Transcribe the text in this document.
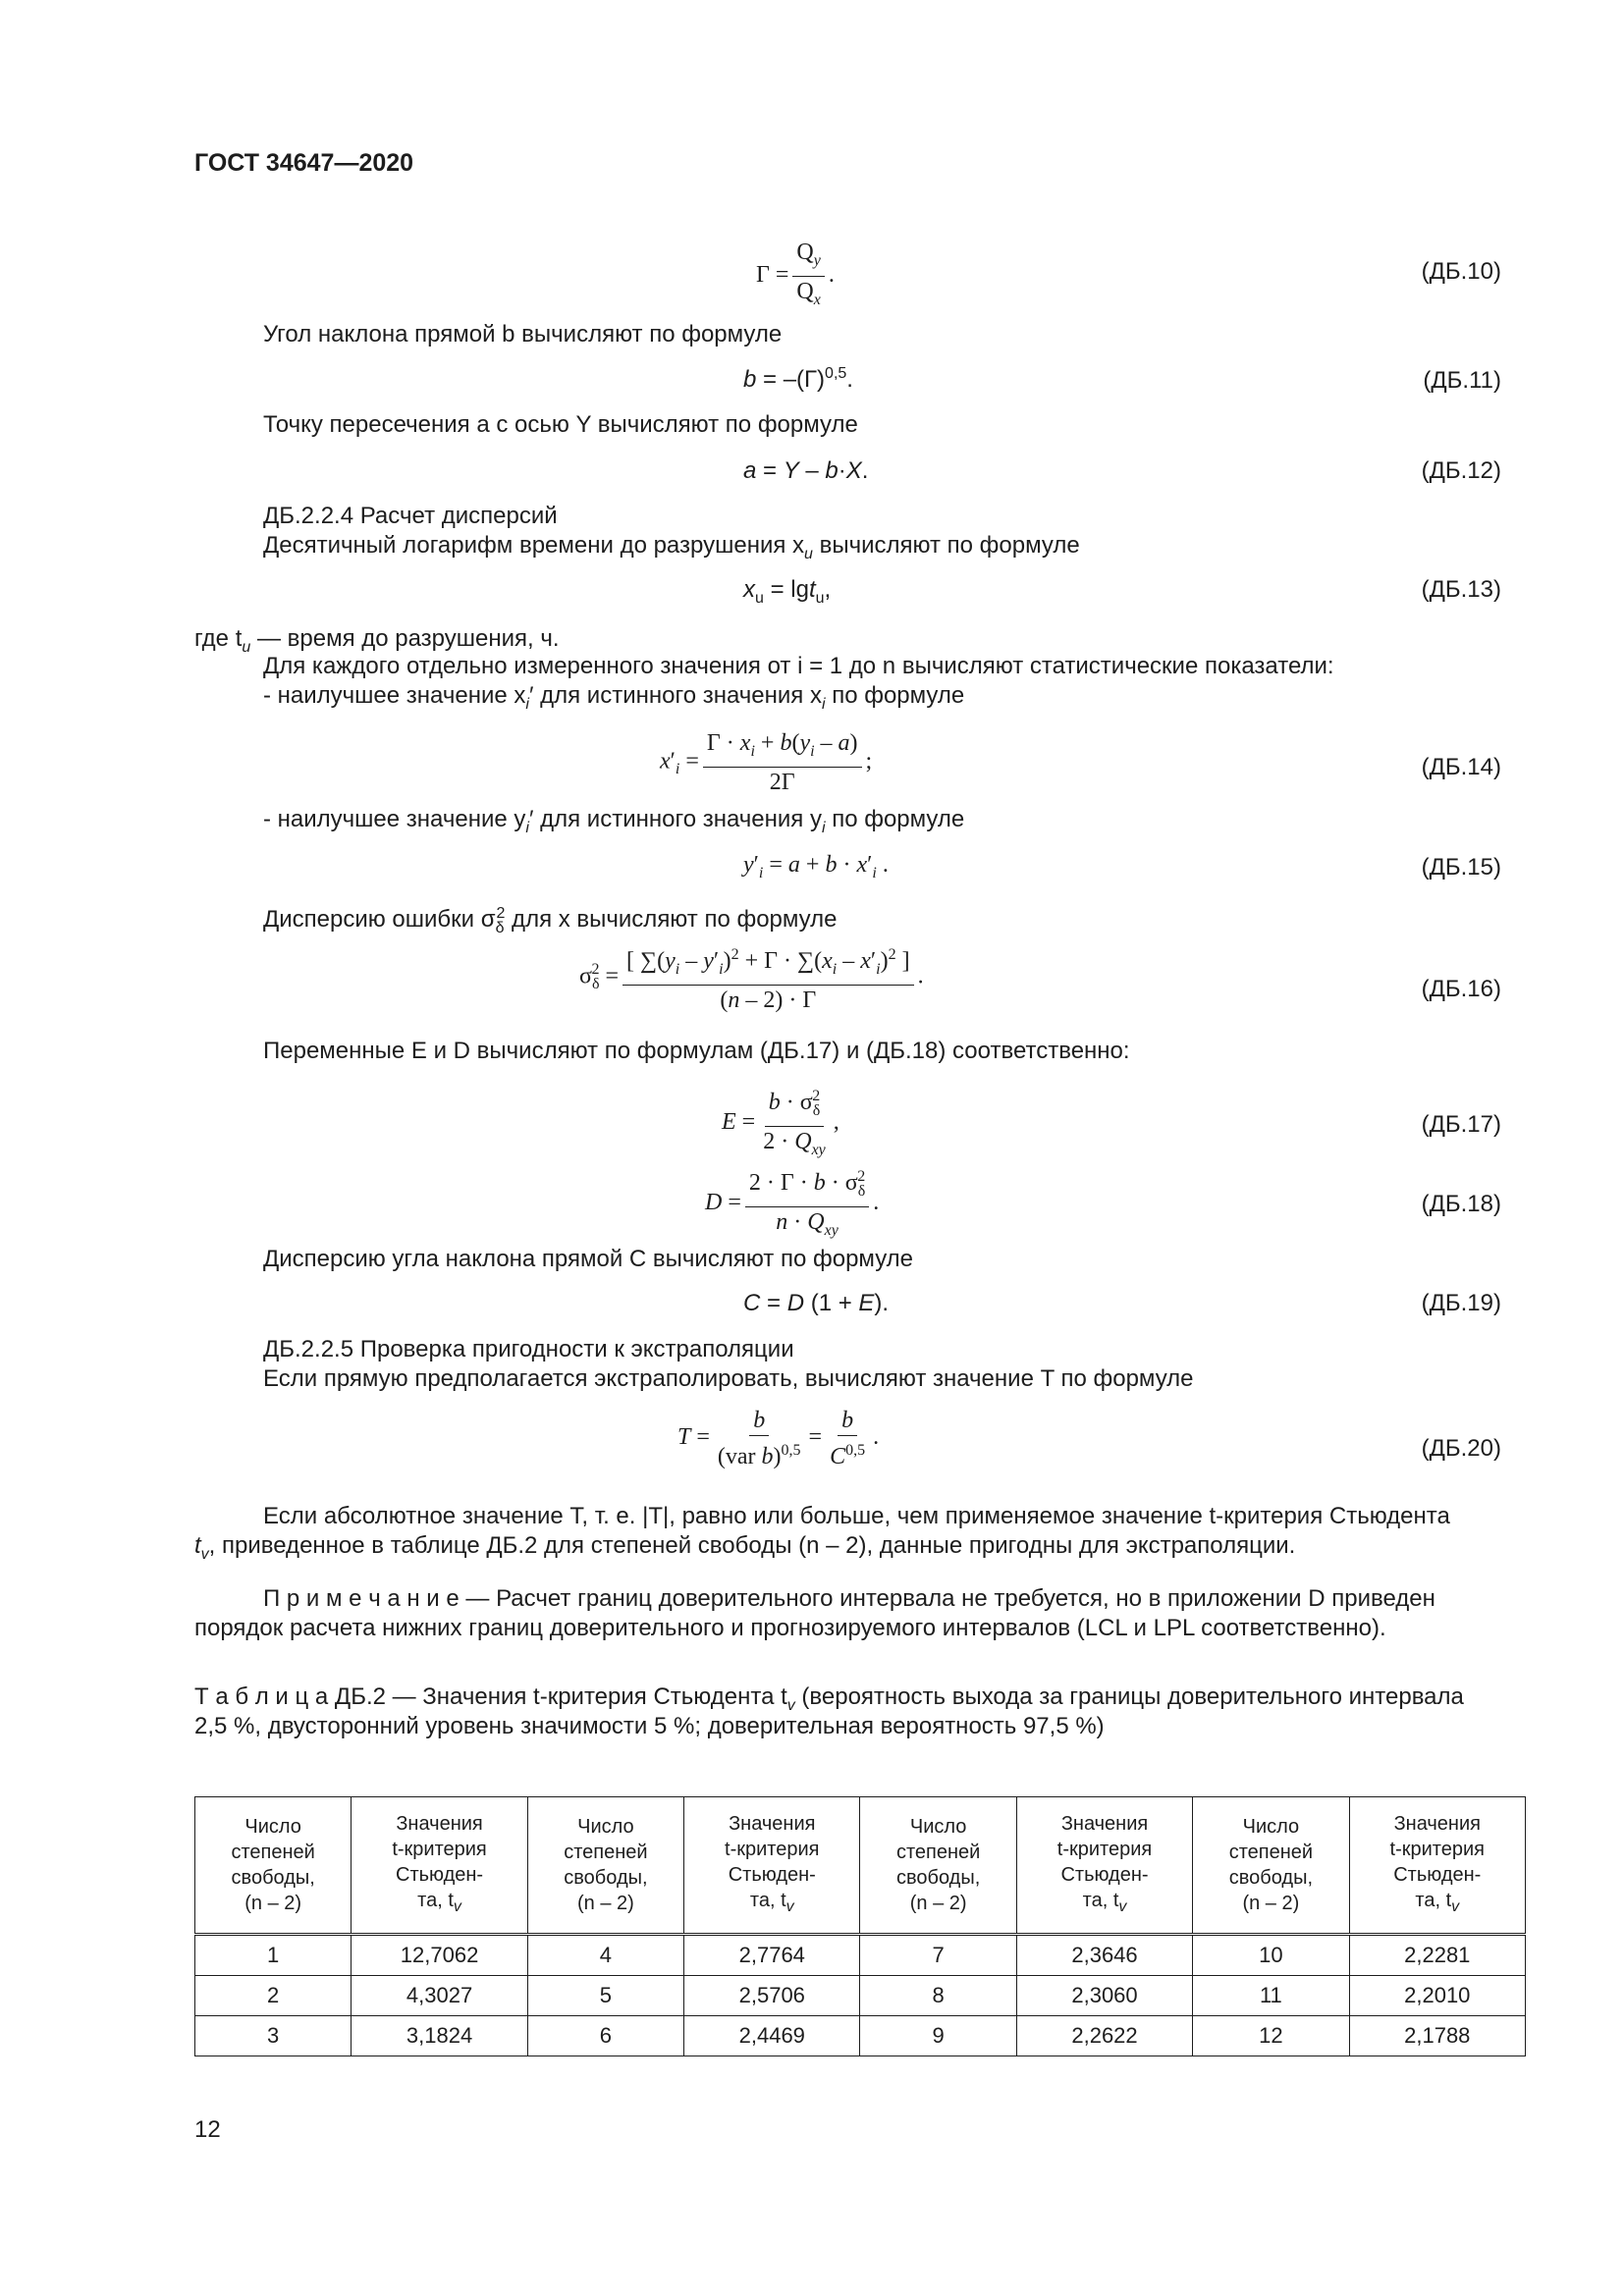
ГОСТ 34647—2020
$Г = \frac{Q_y}{Q_x}$ .	(ДБ.10)
Угол наклона прямой b вычисляют по формуле
$b = -(Г)^{0,5}$.	(ДБ.11)
Точку пересечения a с осью Y вычисляют по формуле
a = Y – b·X.	(ДБ.12)
ДБ.2.2.4 Расчет дисперсий
Десятичный логарифм времени до разрушения $x_u$ вычисляют по формуле
$x_u = \lg t_u$,	(ДБ.13)
где $t_u$ — время до разрушения, ч.
Для каждого отдельно измеренного значения от i = 1 до n вычисляют статистические показатели:
- наилучшее значение $x_i'$ для истинного значения $x_i$ по формуле
$x'_i = \frac{Г \cdot x_i + b(y_i - a)}{2Г}$ ;	(ДБ.14)
- наилучшее значение $y_i'$ для истинного значения $y_i$ по формуле
$y'_i = a + b \cdot x'_i$ .	(ДБ.15)
Дисперсию ошибки $\sigma_\delta^2$ для x вычисляют по формуле
$\sigma_\delta^2 = \frac{[ \sum(y_i - y'_i)^2 + Г \cdot \sum(x_i - x'_i)^2 ]}{(n - 2) \cdot Г}$ .	(ДБ.16)
Переменные E и D вычисляют по формулам (ДБ.17) и (ДБ.18) соответственно:
$E = \frac{b \cdot \sigma_\delta^2}{2 \cdot Q_{xy}}$ ,	(ДБ.17)
$D = \frac{2 \cdot Г \cdot b \cdot \sigma_\delta^2}{n \cdot Q_{xy}}$ .	(ДБ.18)
Дисперсию угла наклона прямой C вычисляют по формуле
C = D (1 + E).	(ДБ.19)
ДБ.2.2.5 Проверка пригодности к экстраполяции
Если прямую предполагается экстраполировать, вычисляют значение T по формуле
$T = \frac{b}{(var b)^{0,5}} = \frac{b}{C^{0,5}}$ .	(ДБ.20)
Если абсолютное значение T, т. е. |T|, равно или больше, чем применяемое значение t-критерия Стьюдента
$t_v$, приведенное в таблице ДБ.2 для степеней свободы (n – 2), данные пригодны для экстраполяции.
П р и м е ч а н и е — Расчет границ доверительного интервала не требуется, но в приложении D приведен
порядок расчета нижних границ доверительного и прогнозируемого интервалов (LCL и LPL соответственно).
Т а б л и ц а ДБ.2 — Значения t-критерия Стьюдента $t_v$ (вероятность выхода за границы доверительного интервала
2,5 %, двусторонний уровень значимости 5 %; доверительная вероятность 97,5 %)
Число
степеней
свободы,
(n – 2)	Значения
t-критерия
Стьюден-
та, $t_v$	Число
степеней
свободы,
(n – 2)	Значения
t-критерия
Стьюден-
та, $t_v$	Число
степеней
свободы,
(n – 2)	Значения
t-критерия
Стьюден-
та, $t_v$	Число
степеней
свободы,
(n – 2)	Значения
t-критерия
Стьюден-
та, $t_v$
1	12,7062	4	2,7764	7	2,3646	10	2,2281
2	4,3027	5	2,5706	8	2,3060	11	2,2010
3	3,1824	6	2,4469	9	2,2622	12	2,1788
12
